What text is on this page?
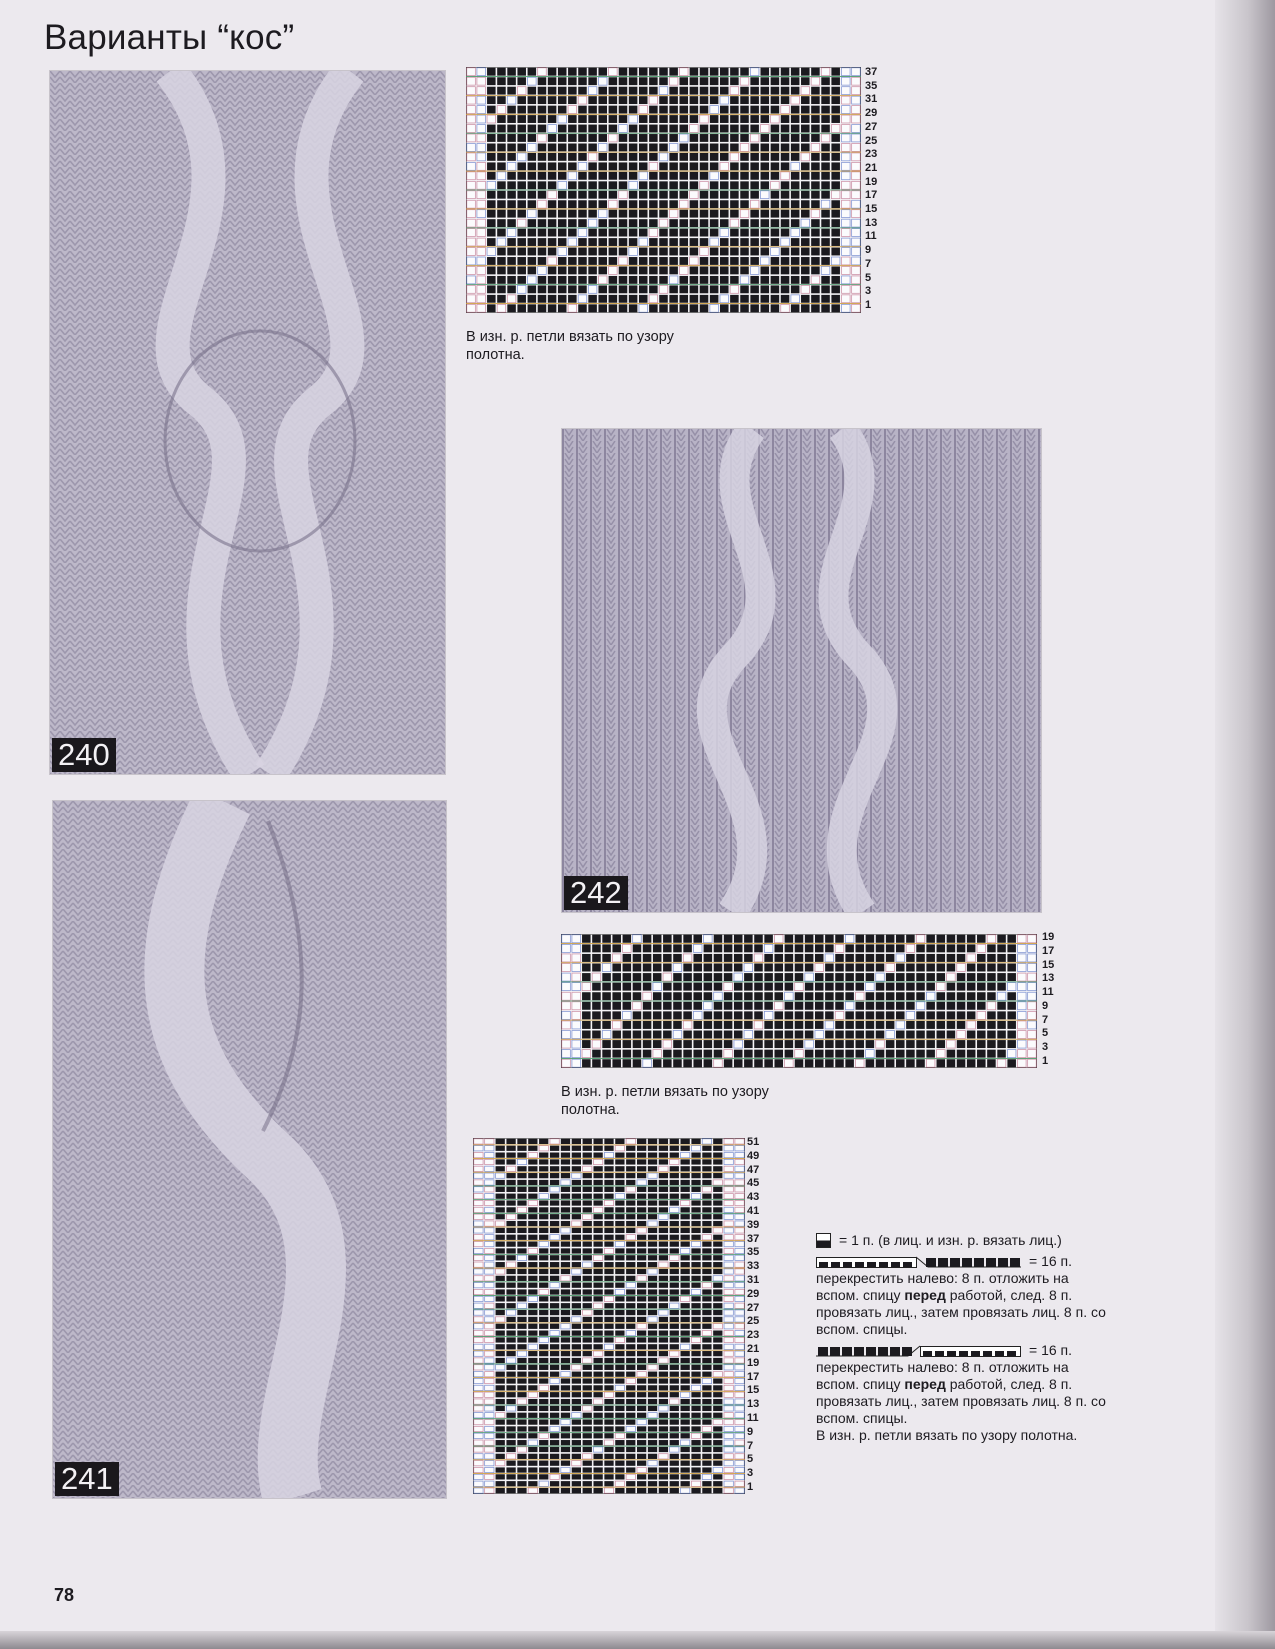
Варианты “кос”
240
241
242
37
35
31
29
27
25
23
21
19
17
15
13
11
9
7
5
3
1
В изн. р. петли вязать по узору полотна.
19
17
15
13
11
9
7
5
3
1
В изн. р. петли вязать по узору полотна.
51
49
47
45
43
41
39
37
35
33
31
29
27
25
23
21
19
17
15
13
11
9
7
5
3
1
= 1 п. (в лиц. и изн. р. вязать лиц.)
= 16 п.

перекрестить налево: 8 п. отложить на вспом. спицу перед работой, след. 8 п. провязать лиц., затем провязать лиц. 8 п. со вспом. спицы.

= 16 п.

перекрестить налево: 8 п. отложить на вспом. спицу перед работой, след. 8 п. провязать лиц., затем провязать лиц. 8 п. со вспом. спицы.

В изн. р. петли вязать по узору полотна.

78
